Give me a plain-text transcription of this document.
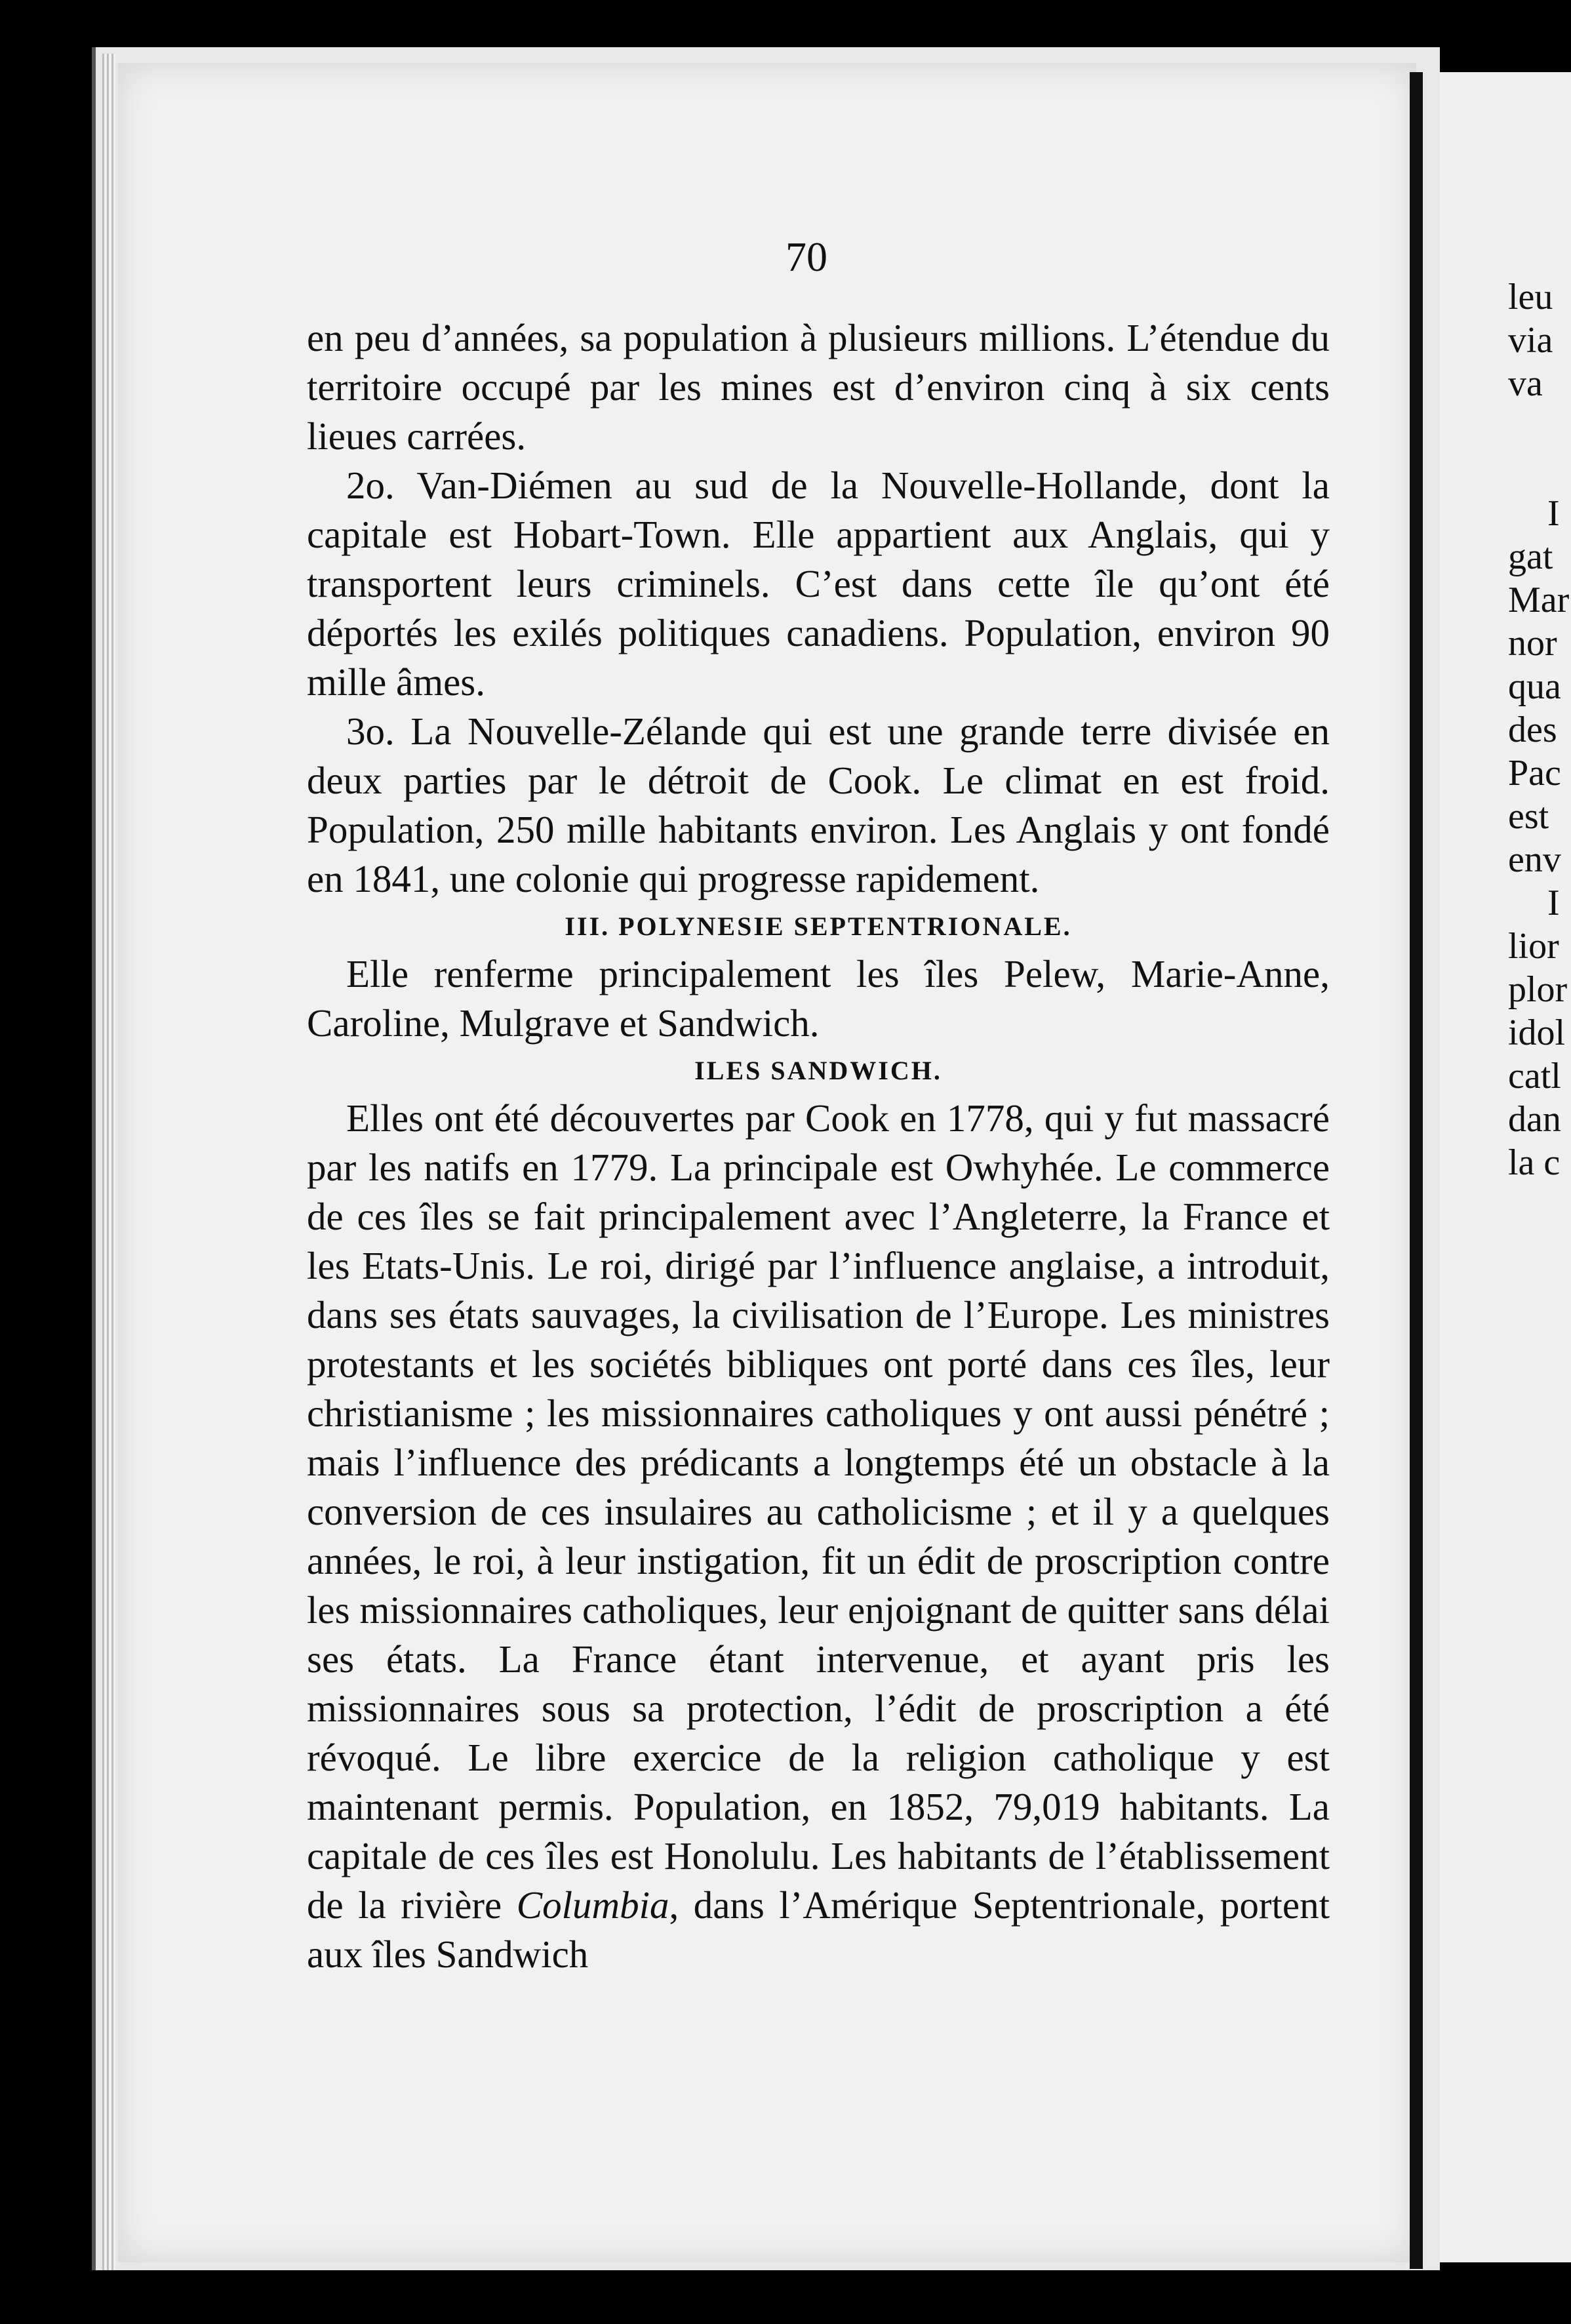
leu
via
va
I
gat
Mar
nor
qua
des
Pac
est
env
I
lior
plor
idol
catl
dan
la c
70

en peu d’années, sa population à plusieurs millions. L’étendue du territoire occupé par les mines est d’environ cinq à six cents lieues carrées.

2o. Van-Diémen au sud de la Nouvelle-Hollande, dont la capitale est Hobart-Town. Elle appartient aux Anglais, qui y transportent leurs criminels. C’est dans cette île qu’ont été déportés les exilés politiques canadiens. Population, environ 90 mille âmes.

3o. La Nouvelle-Zélande qui est une grande terre divisée en deux parties par le détroit de Cook. Le climat en est froid. Population, 250 mille habitants environ. Les Anglais y ont fondé en 1841, une colonie qui progresse rapidement.

III. POLYNESIE SEPTENTRIONALE.

Elle renferme principalement les îles Pelew, Marie-Anne, Caroline, Mulgrave et Sandwich.

ILES SANDWICH.

Elles ont été découvertes par Cook en 1778, qui y fut massacré par les natifs en 1779. La principale est Owhyhée. Le commerce de ces îles se fait principalement avec l’Angleterre, la France et les Etats-Unis. Le roi, dirigé par l’influence anglaise, a introduit, dans ses états sauvages, la civilisation de l’Europe. Les ministres protestants et les sociétés bibliques ont porté dans ces îles, leur christianisme ; les missionnaires catholiques y ont aussi pénétré ; mais l’influence des prédicants a longtemps été un obstacle à la conversion de ces insulaires au catholicisme ; et il y a quelques années, le roi, à leur instigation, fit un édit de proscription contre les missionnaires catholiques, leur enjoignant de quitter sans délai ses états. La France étant intervenue, et ayant pris les missionnaires sous sa protection, l’édit de proscription a été révoqué. Le libre exercice de la religion catholique y est maintenant permis. Population, en 1852, 79,019 habitants. La capitale de ces îles est Honolulu. Les habitants de l’établissement de la rivière Columbia, dans l’Amérique Septentrionale, portent aux îles Sandwich
